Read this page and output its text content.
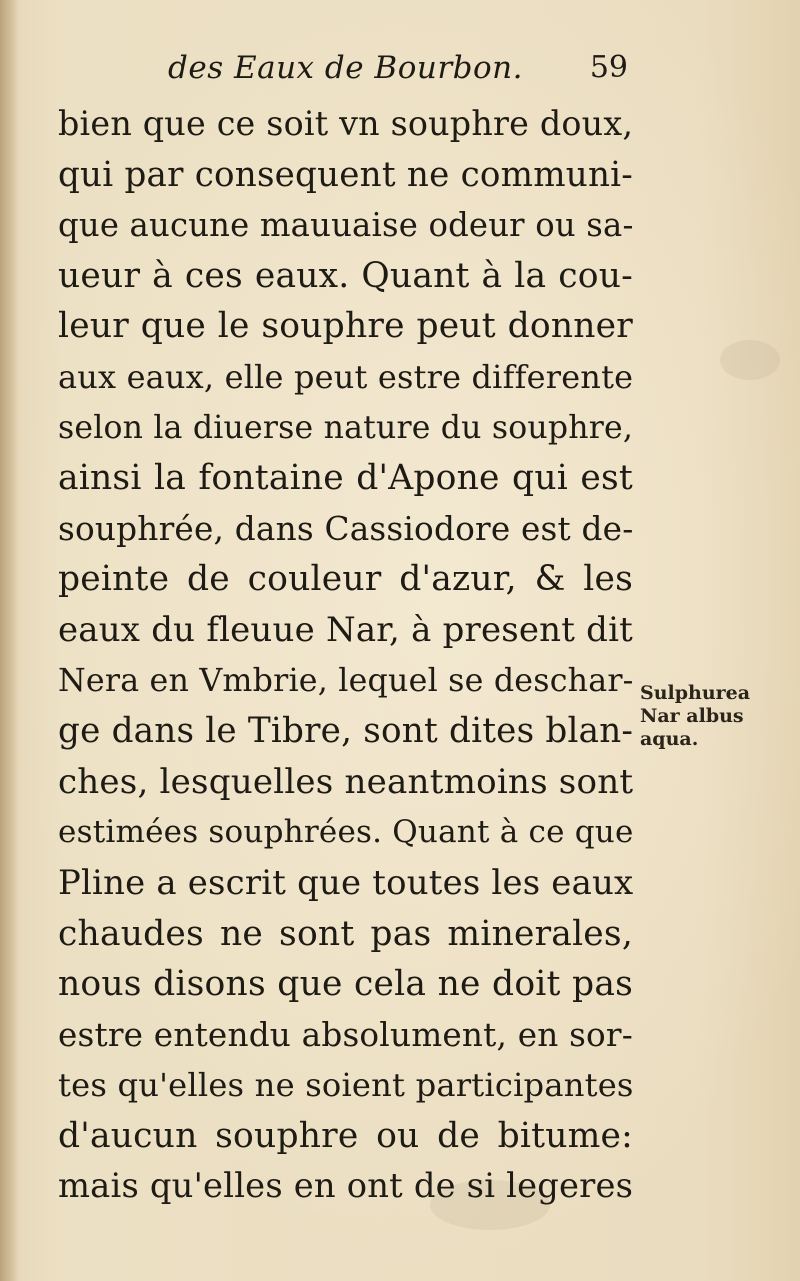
des Eaux de Bourbon. 59
bien que ce soit vn souphre doux,
qui par consequent ne communi-
que aucune mauuaise odeur ou sa-
ueur à ces eaux. Quant à la cou-
leur que le souphre peut donner
aux eaux, elle peut estre differente
selon la diuerse nature du souphre,
ainsi la fontaine d'Apone qui est
souphrée, dans Cassiodore est de-
peinte de couleur d'azur, & les
eaux du fleuue Nar, à present dit
Nera en Vmbrie, lequel se deschar-
ge dans le Tibre, sont dites blan-
ches, lesquelles neantmoins sont
estimées souphrées. Quant à ce que
Pline a escrit que toutes les eaux
chaudes ne sont pas minerales,
nous disons que cela ne doit pas
estre entendu absolument, en sor-
tes qu'elles ne soient participantes
d'aucun souphre ou de bitume:
mais qu'elles en ont de si legeres
Sulphurea
Nar albus
aqua.
